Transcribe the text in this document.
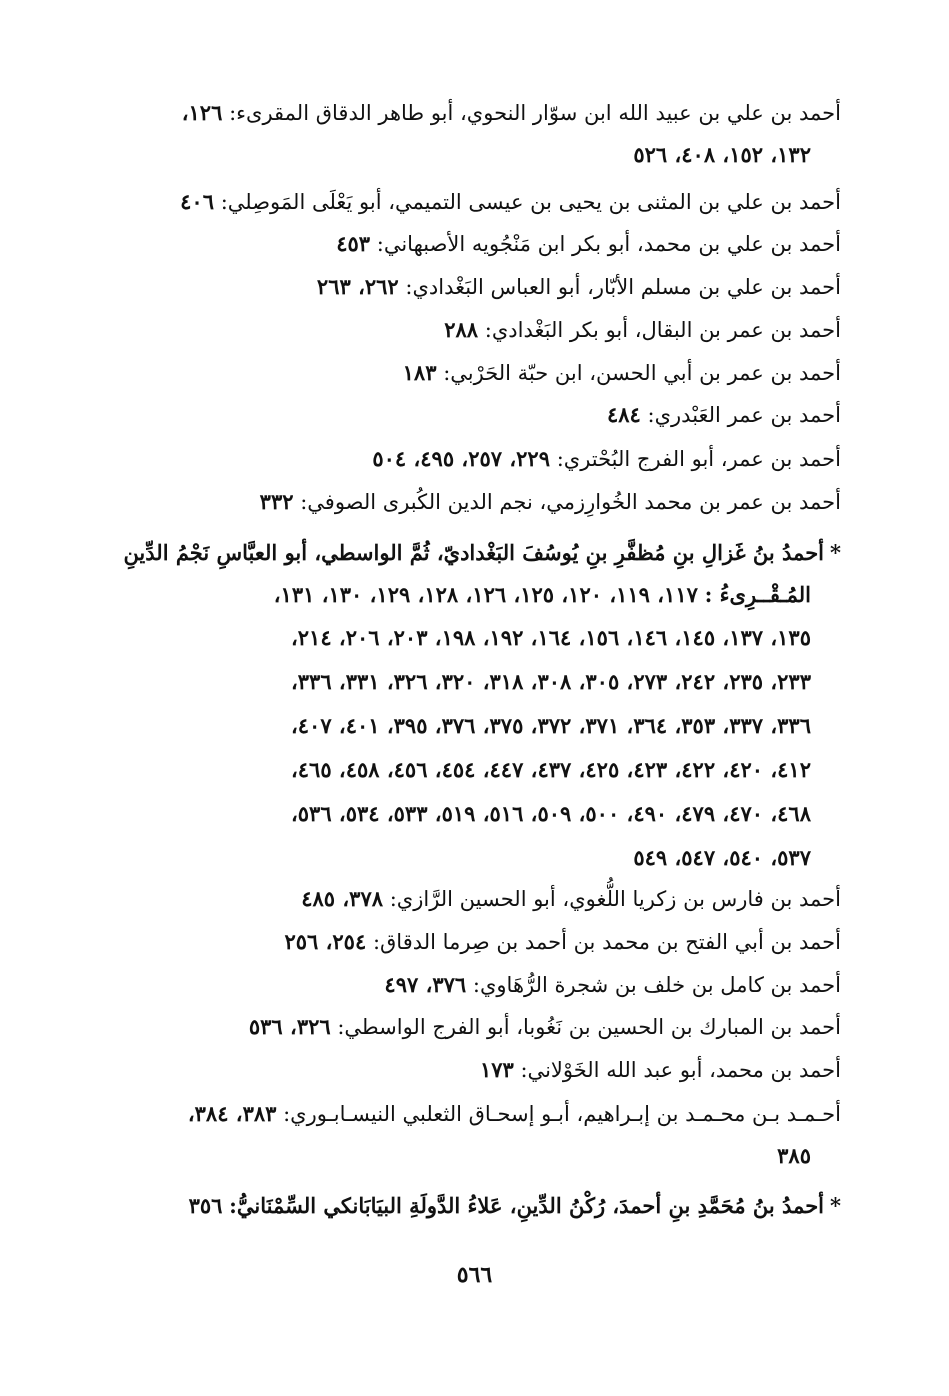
أحمد بن علي بن عبيد الله ابن سوّار النحوي، أبو طاهر الدقاق المقرىء: ١٢٦،
١٣٢، ١٥٢، ٤٠٨، ٥٢٦
أحمد بن علي بن المثنى بن يحيى بن عيسى التميمي، أبو يَعْلَى المَوصِلي: ٤٠٦
أحمد بن علي بن محمد، أبو بكر ابن مَنْجُويه الأصبهاني: ٤٥٣
أحمد بن علي بن مسلم الأبّار، أبو العباس البَغْدادي: ٢٦٢، ٢٦٣
أحمد بن عمر بن البقال، أبو بكر البَغْدادي: ٢٨٨
أحمد بن عمر بن أبي الحسن، ابن حبّة الحَرْبي: ١٨٣
أحمد بن عمر العَبْدري: ٤٨٤
أحمد بن عمر، أبو الفرج البُحْتري: ٢٢٩، ٢٥٧، ٤٩٥، ٥٠٤
أحمد بن عمر بن محمد الخُوارِزمي، نجم الدين الكُبرى الصوفي: ٣٣٢
*أحمدُ بنُ غَزالِ بنِ مُظفَّرِ بنِ يُوسُفَ البَغْداديّ، ثُمَّ الواسطي، أبو العبَّاسِ نَجْمُ الدِّينِ
المُـقْــرِىءُ : ١١٧، ١١٩، ١٢٠، ١٢٥، ١٢٦، ١٢٨، ١٢٩، ١٣٠، ١٣١،
١٣٥، ١٣٧، ١٤٥، ١٤٦، ١٥٦، ١٦٤، ١٩٢، ١٩٨، ٢٠٣، ٢٠٦، ٢١٤،
٢٣٣، ٢٣٥، ٢٤٢، ٢٧٣، ٣٠٥، ٣٠٨، ٣١٨، ٣٢٠، ٣٢٦، ٣٣١، ٣٣٦،
٣٣٦، ٣٣٧، ٣٥٣، ٣٦٤، ٣٧١، ٣٧٢، ٣٧٥، ٣٧٦، ٣٩٥، ٤٠١، ٤٠٧،
٤١٢، ٤٢٠، ٤٢٢، ٤٢٣، ٤٢٥، ٤٣٧، ٤٤٧، ٤٥٤، ٤٥٦، ٤٥٨، ٤٦٥،
٤٦٨، ٤٧٠، ٤٧٩، ٤٩٠، ٥٠٠، ٥٠٩، ٥١٦، ٥١٩، ٥٣٣، ٥٣٤، ٥٣٦،
٥٣٧، ٥٤٠، ٥٤٧، ٥٤٩
أحمد بن فارس بن زكريا اللُّغوي، أبو الحسين الرَّازي: ٣٧٨، ٤٨٥
أحمد بن أبي الفتح بن محمد بن أحمد بن صِرما الدقاق: ٢٥٤، ٢٥٦
أحمد بن كامل بن خلف بن شجرة الرُّهَاوي: ٣٧٦، ٤٩٧
أحمد بن المبارك بن الحسين بن نَغُوبا، أبو الفرج الواسطي: ٣٢٦، ٥٣٦
أحمد بن محمد، أبو عبد الله الخَوْلاني: ١٧٣
أحـمـد بـن محـمـد بن إبـراهيم، أبـو إسحـاق الثعلبي النيسـابـوري: ٣٨٣، ٣٨٤،
٣٨٥
*أحمدُ بنُ مُحَمَّدِ بنِ أحمدَ، رُكْنُ الدِّينِ، عَلاءُ الدَّولَةِ البيَابَانكي السِّمْنَانيُّ: ٣٥٦
٥٦٦
